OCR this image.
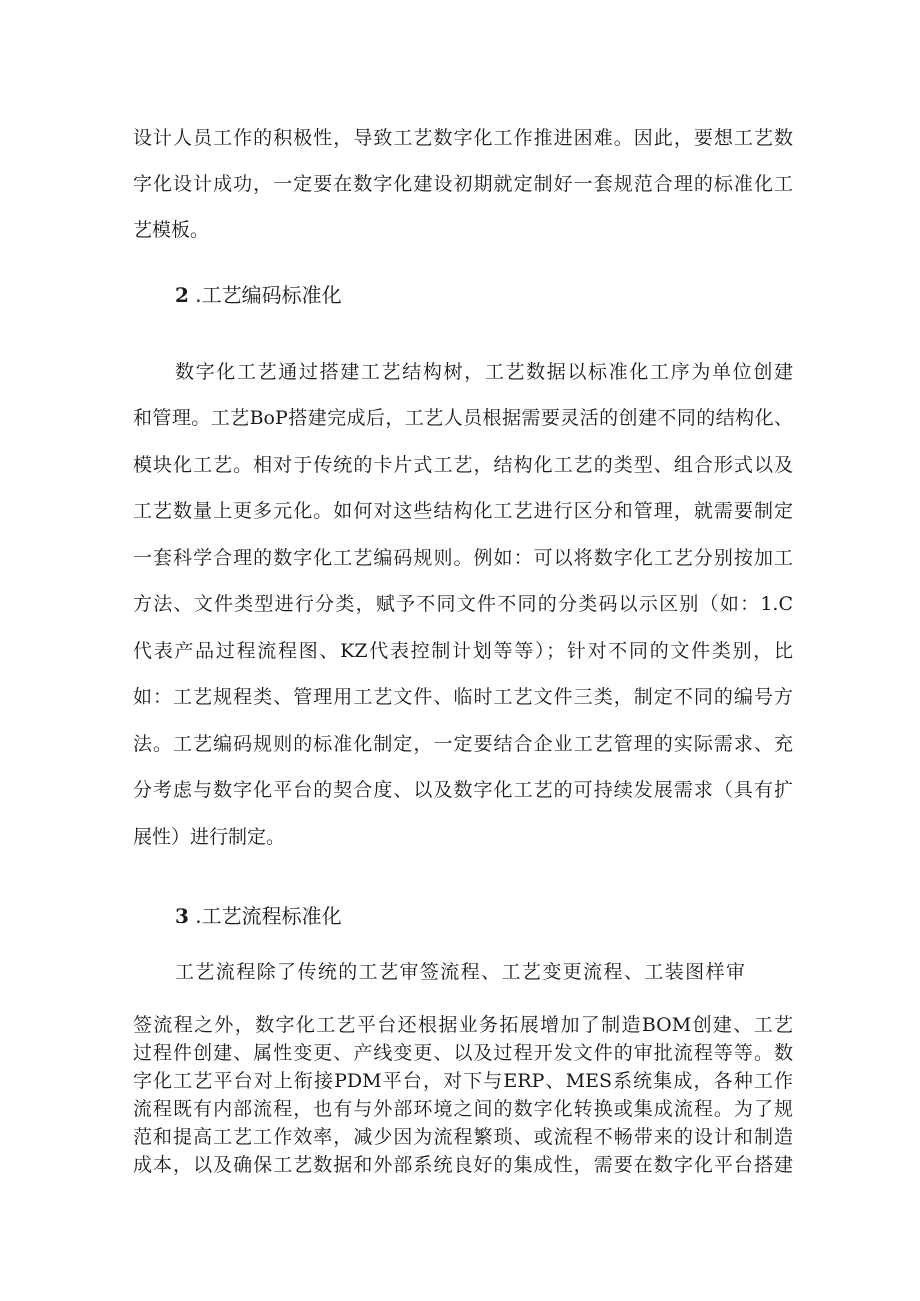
设计人员工作的积极性，导致工艺数字化工作推进困难。因此，要想工艺数
字化设计成功，一定要在数字化建设初期就定制好一套规范合理的标准化工
艺模板。
2 .工艺编码标准化
数字化工艺通过搭建工艺结构树，工艺数据以标准化工序为单位创建
和管理。工艺BoP搭建完成后，工艺人员根据需要灵活的创建不同的结构化、
模块化工艺。相对于传统的卡片式工艺，结构化工艺的类型、组合形式以及
工艺数量上更多元化。如何对这些结构化工艺进行区分和管理，就需要制定
一套科学合理的数字化工艺编码规则。例如：可以将数字化工艺分别按加工
方法、文件类型进行分类，赋予不同文件不同的分类码以示区别（如：1.C
代表产品过程流程图、KZ代表控制计划等等）；针对不同的文件类别，比
如：工艺规程类、管理用工艺文件、临时工艺文件三类，制定不同的编号方
法。工艺编码规则的标准化制定，一定要结合企业工艺管理的实际需求、充
分考虑与数字化平台的契合度、以及数字化工艺的可持续发展需求（具有扩
展性）进行制定。
3 .工艺流程标准化
工艺流程除了传统的工艺审签流程、工艺变更流程、工装图样审
签流程之外，数字化工艺平台还根据业务拓展增加了制造BOM创建、工艺
过程件创建、属性变更、产线变更、以及过程开发文件的审批流程等等。数
字化工艺平台对上衔接PDM平台，对下与ERP、MES系统集成，各种工作
流程既有内部流程，也有与外部环境之间的数字化转换或集成流程。为了规
范和提高工艺工作效率，减少因为流程繁琐、或流程不畅带来的设计和制造
成本，以及确保工艺数据和外部系统良好的集成性，需要在数字化平台搭建
